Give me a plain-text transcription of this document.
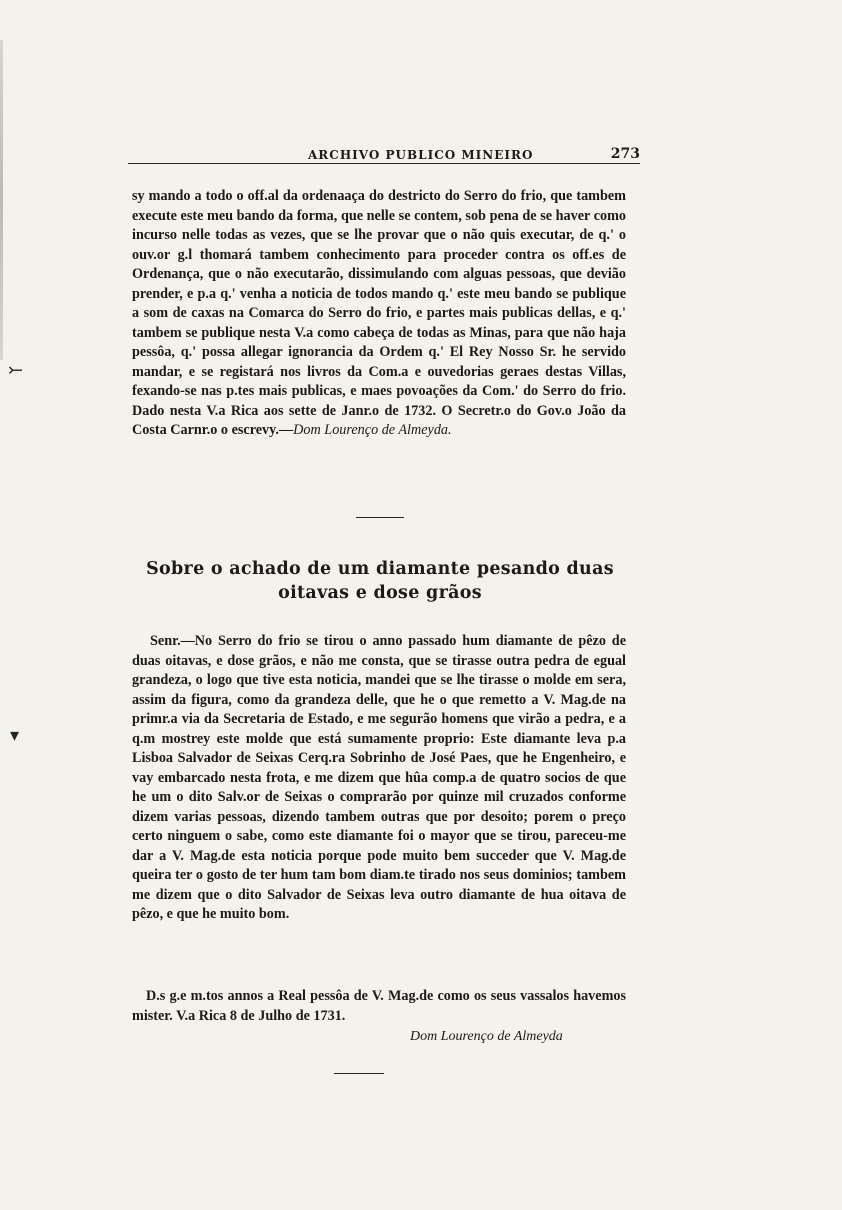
⤚
▾
ARCHIVO PUBLICO MINEIRO	273
sy mando a todo o off.al da ordenaaça do destricto do Serro do frio, que tambem execute este meu bando da forma, que nelle se contem, sob pena de se haver como incurso nelle todas as vezes, que se lhe provar que o não quis executar, de q.' o ouv.or g.l thomará tambem conhecimento para proceder contra os off.es de Ordenança, que o não executarão, dissimulando com alguas pessoas, que devião prender, e p.a q.' venha a noticia de todos mando q.' este meu bando se publique a som de caxas na Comarca do Serro do frio, e partes mais publicas dellas, e q.' tambem se publique nesta V.a como cabeça de todas as Minas, para que não haja pessôa, q.' possa allegar ignorancia da Ordem q.' El Rey Nosso Sr. he servido mandar, e se registará nos livros da Com.a e ouvedorias geraes destas Villas, fexando-se nas p.tes mais publicas, e maes povoações da Com.' do Serro do frio. Dado nesta V.a Rica aos sette de Janr.o de 1732. O Secretr.o do Gov.o João da Costa Carnr.o o escrevy.—Dom Lourenço de Almeyda.
Sobre o achado de um diamante pesando duas
oitavas e dose grãos
Senr.—No Serro do frio se tirou o anno passado hum diamante de pêzo de duas oitavas, e dose grãos, e não me consta, que se tirasse outra pedra de egual grandeza, o logo que tive esta noticia, mandei que se lhe tirasse o molde em sera, assim da figura, como da grandeza delle, que he o que remetto a V. Mag.de na primr.a via da Secretaria de Estado, e me segurão homens que virão a pedra, e a q.m mostrey este molde que está sumamente proprio: Este diamante leva p.a Lisboa Salvador de Seixas Cerq.ra Sobrinho de José Paes, que he Engenheiro, e vay embarcado nesta frota, e me dizem que hûa comp.a de quatro socios de que he um o dito Salv.or de Seixas o comprarão por quinze mil cruzados conforme dizem varias pessoas, dizendo tambem outras que por desoito; porem o preço certo ninguem o sabe, como este diamante foi o mayor que se tirou, pareceu-me dar a V. Mag.de esta noticia porque pode muito bem succeder que V. Mag.de queira ter o gosto de ter hum tam bom diam.te tirado nos seus dominios; tambem me dizem que o dito Salvador de Seixas leva outro diamante de hua oitava de pêzo, e que he muito bom.
D.s g.e m.tos annos a Real pessôa de V. Mag.de como os seus vassalos havemos mister. V.a Rica 8 de Julho de 1731.
Dom Lourenço de Almeyda
